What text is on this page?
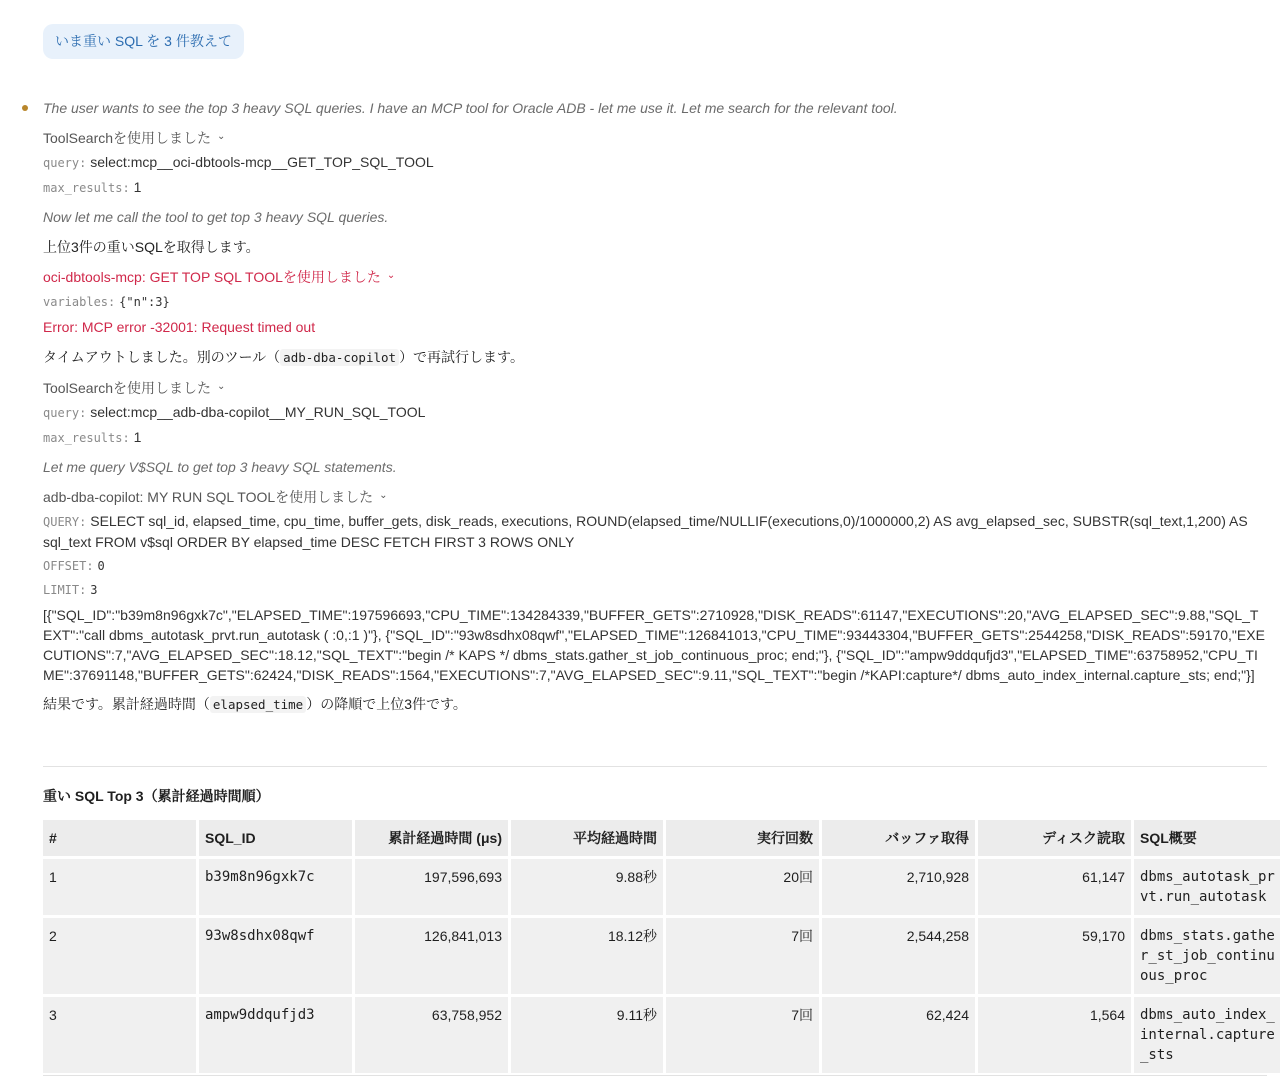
いま重い SQL を 3 件教えて

The user wants to see the top 3 heavy SQL queries. I have an MCP tool for Oracle ADB - let me use it. Let me search for the relevant tool.

ToolSearchを使用しました ⌄

query: select:mcp__oci-dbtools-mcp__GET_TOP_SQL_TOOL

max_results: 1

Now let me call the tool to get top 3 heavy SQL queries.

上位3件の重いSQLを取得します。

oci-dbtools-mcp: GET TOP SQL TOOLを使用しました ⌄

variables: {"n":3}

Error: MCP error -32001: Request timed out

タイムアウトしました。別のツール（ adb-dba-copilot ）で再試行します。

ToolSearchを使用しました ⌄

query: select:mcp__adb-dba-copilot__MY_RUN_SQL_TOOL

max_results: 1

Let me query V$SQL to get top 3 heavy SQL statements.

adb-dba-copilot: MY RUN SQL TOOLを使用しました ⌄

QUERY: SELECT sql_id, elapsed_time, cpu_time, buffer_gets, disk_reads, executions, ROUND(elapsed_time/NULLIF(executions,0)/1000000,2) AS avg_elapsed_sec, SUBSTR(sql_text,1,200) AS sql_text FROM v$sql ORDER BY elapsed_time DESC FETCH FIRST 3 ROWS ONLY

OFFSET: 0

LIMIT: 3

[{"SQL_ID":"b39m8n96gxk7c","ELAPSED_TIME":197596693,"CPU_TIME":134284339,"BUFFER_GETS":2710928,"DISK_READS":61147,"EXECUTIONS":20,"AVG_ELAPSED_SEC":9.88,"SQL_TEXT":"call dbms_autotask_prvt.run_autotask ( :0,:1 )"}, {"SQL_ID":"93w8sdhx08qwf","ELAPSED_TIME":126841013,"CPU_TIME":93443304,"BUFFER_GETS":2544258,"DISK_READS":59170,"EXECUTIONS":7,"AVG_ELAPSED_SEC":18.12,"SQL_TEXT":"begin /* KAPS */ dbms_stats.gather_st_job_continuous_proc; end;"}, {"SQL_ID":"ampw9ddqufjd3","ELAPSED_TIME":63758952,"CPU_TIME":37691148,"BUFFER_GETS":62424,"DISK_READS":1564,"EXECUTIONS":7,"AVG_ELAPSED_SEC":9.11,"SQL_TEXT":"begin /*KAPI:capture*/ dbms_auto_index_internal.capture_sts; end;"}]

結果です。累計経過時間（ elapsed_time ）の降順で上位3件です。

重い SQL Top 3（累計経過時間順）
#	SQL_ID	累計経過時間 (μs)	平均経過時間	実行回数	バッファ取得	ディスク読取	SQL概要
1	b39m8n96gxk7c	197,596,693	9.88秒	20回	2,710,928	61,147	dbms_autotask_prvt.run_autotask
2	93w8sdhx08qwf	126,841,013	18.12秒	7回	2,544,258	59,170	dbms_stats.gather_st_job_continuous_proc
3	ampw9ddqufjd3	63,758,952	9.11秒	7回	62,424	1,564	dbms_auto_index_internal.capture_sts
